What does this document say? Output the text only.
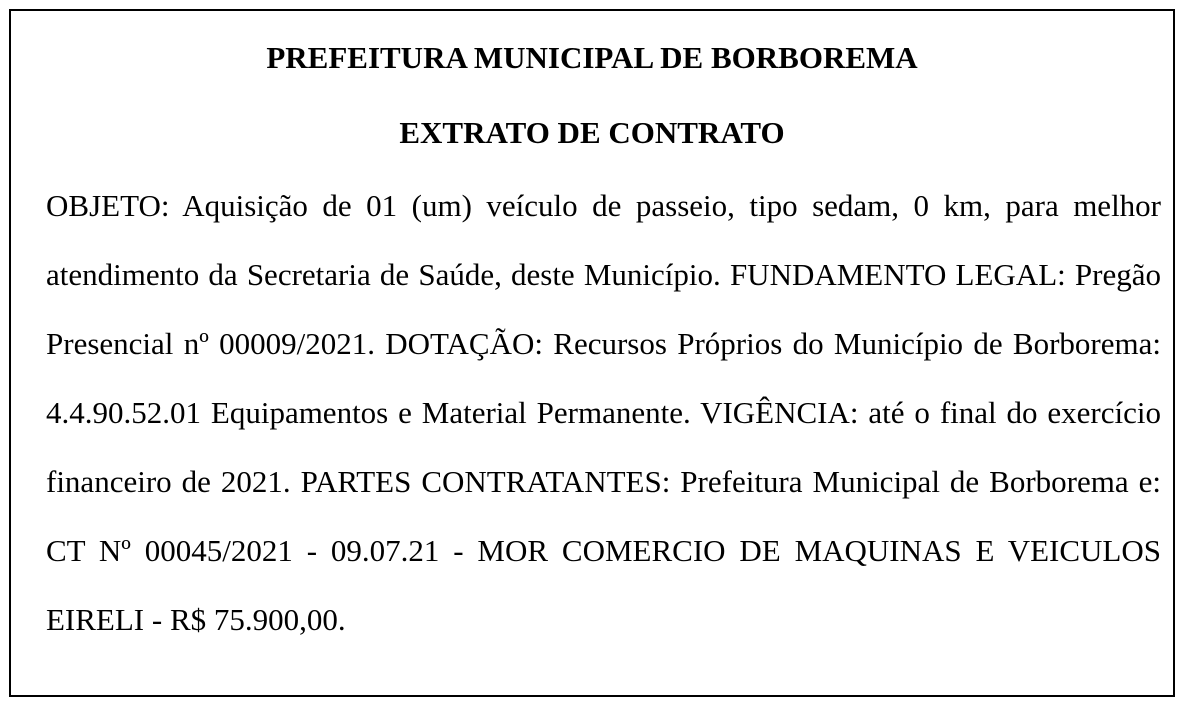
PREFEITURA MUNICIPAL DE BORBOREMA
EXTRATO DE CONTRATO

OBJETO: Aquisição de 01 (um) veículo de passeio, tipo sedam, 0 km, para melhor atendimento da Secretaria de Saúde, deste Município. FUNDAMENTO LEGAL: Pregão Presencial nº 00009/2021. DOTAÇÃO: Recursos Próprios do Município de Borborema: 4.4.90.52.01 Equipamentos e Material Permanente. VIGÊNCIA: até o final do exercício financeiro de 2021. PARTES CONTRATANTES: Prefeitura Municipal de Borborema e: CT Nº 00045/2021 - 09.07.21 - MOR COMERCIO DE MAQUINAS E VEICULOS EIRELI - R$ 75.900,00.
